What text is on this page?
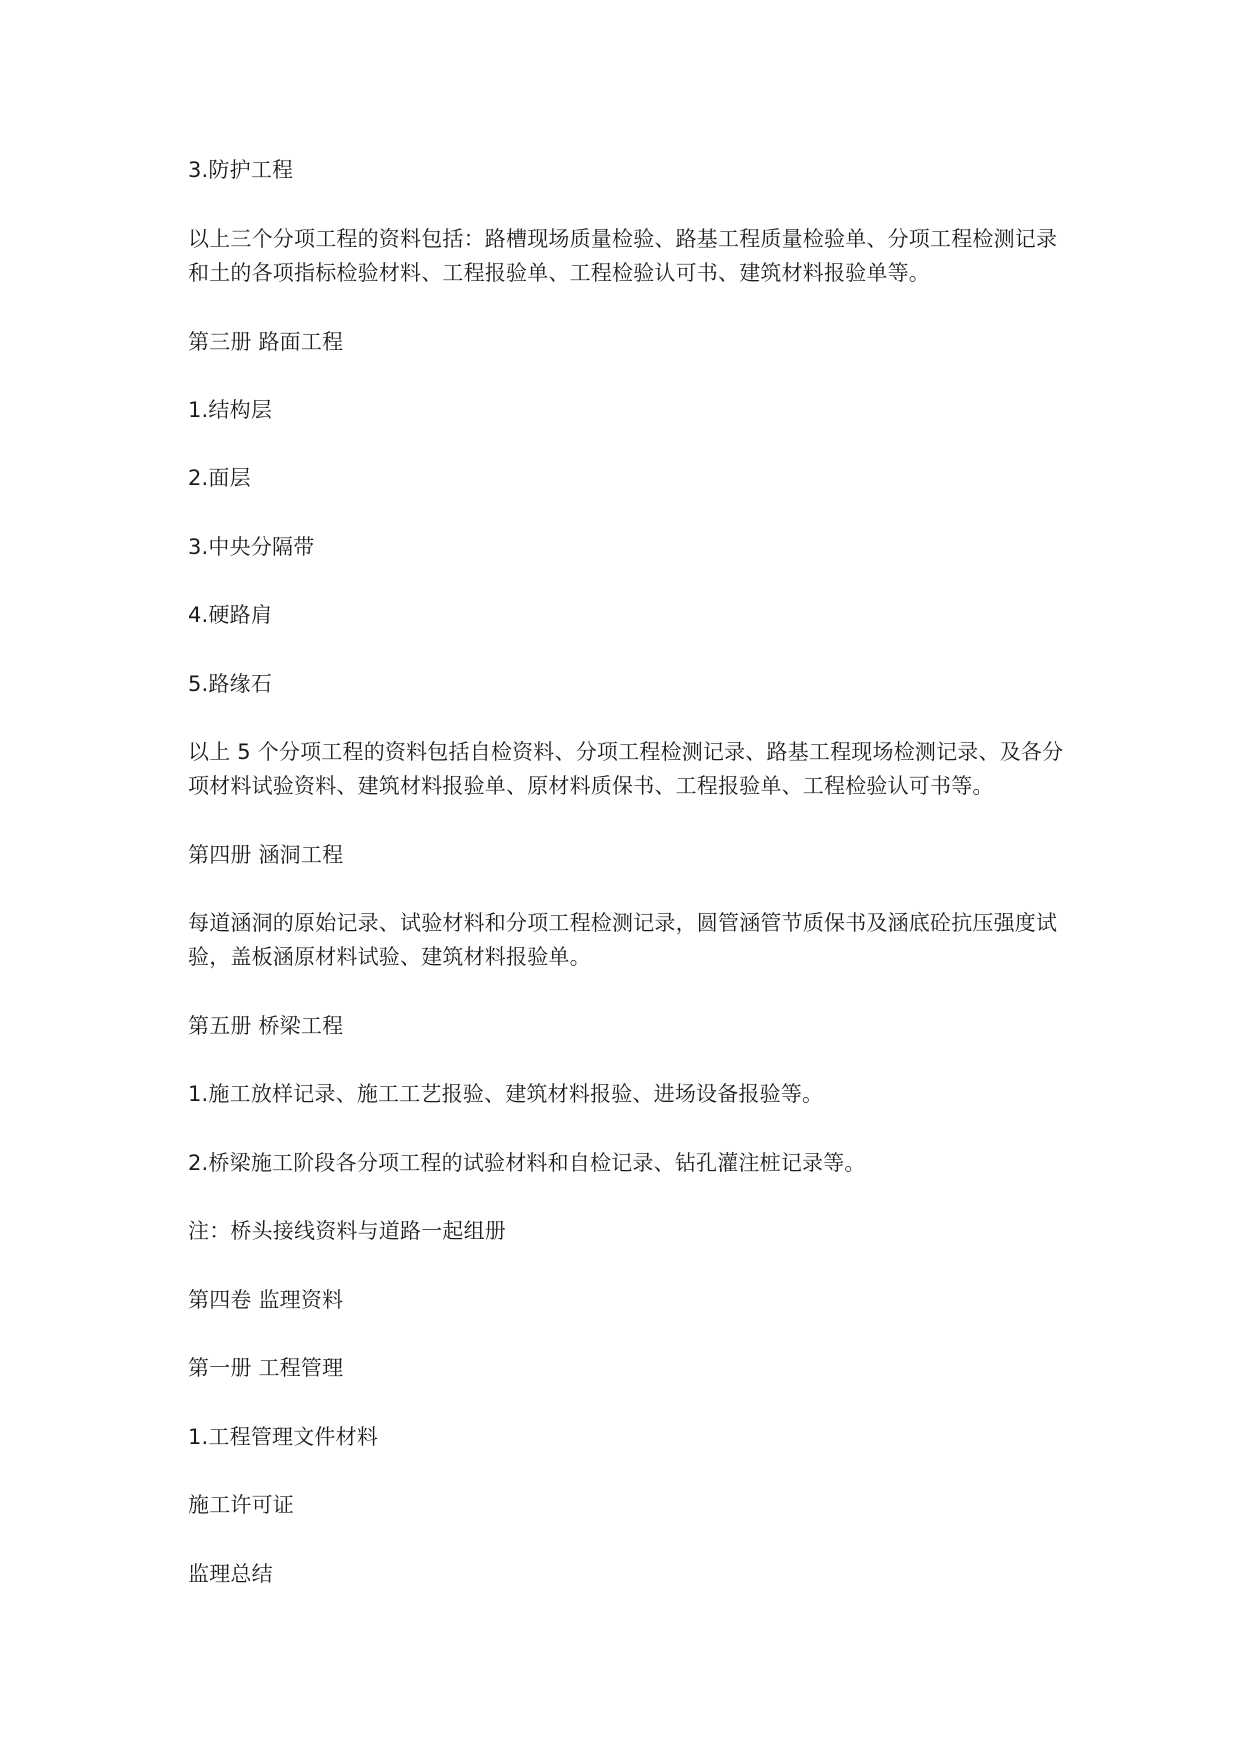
3.防护工程

以上三个分项工程的资料包括：路槽现场质量检验、路基工程质量检验单、分项工程检测记录和土的各项指标检验材料、工程报验单、工程检验认可书、建筑材料报验单等。

第三册 路面工程

1.结构层

2.面层

3.中央分隔带

4.硬路肩

5.路缘石

以上 5 个分项工程的资料包括自检资料、分项工程检测记录、路基工程现场检测记录、及各分项材料试验资料、建筑材料报验单、原材料质保书、工程报验单、工程检验认可书等。

第四册 涵洞工程

每道涵洞的原始记录、试验材料和分项工程检测记录，圆管涵管节质保书及涵底砼抗压强度试验，盖板涵原材料试验、建筑材料报验单。

第五册 桥梁工程

1.施工放样记录、施工工艺报验、建筑材料报验、进场设备报验等。

2.桥梁施工阶段各分项工程的试验材料和自检记录、钻孔灌注桩记录等。

注：桥头接线资料与道路一起组册

第四卷 监理资料

第一册 工程管理

1.工程管理文件材料

施工许可证

监理总结
